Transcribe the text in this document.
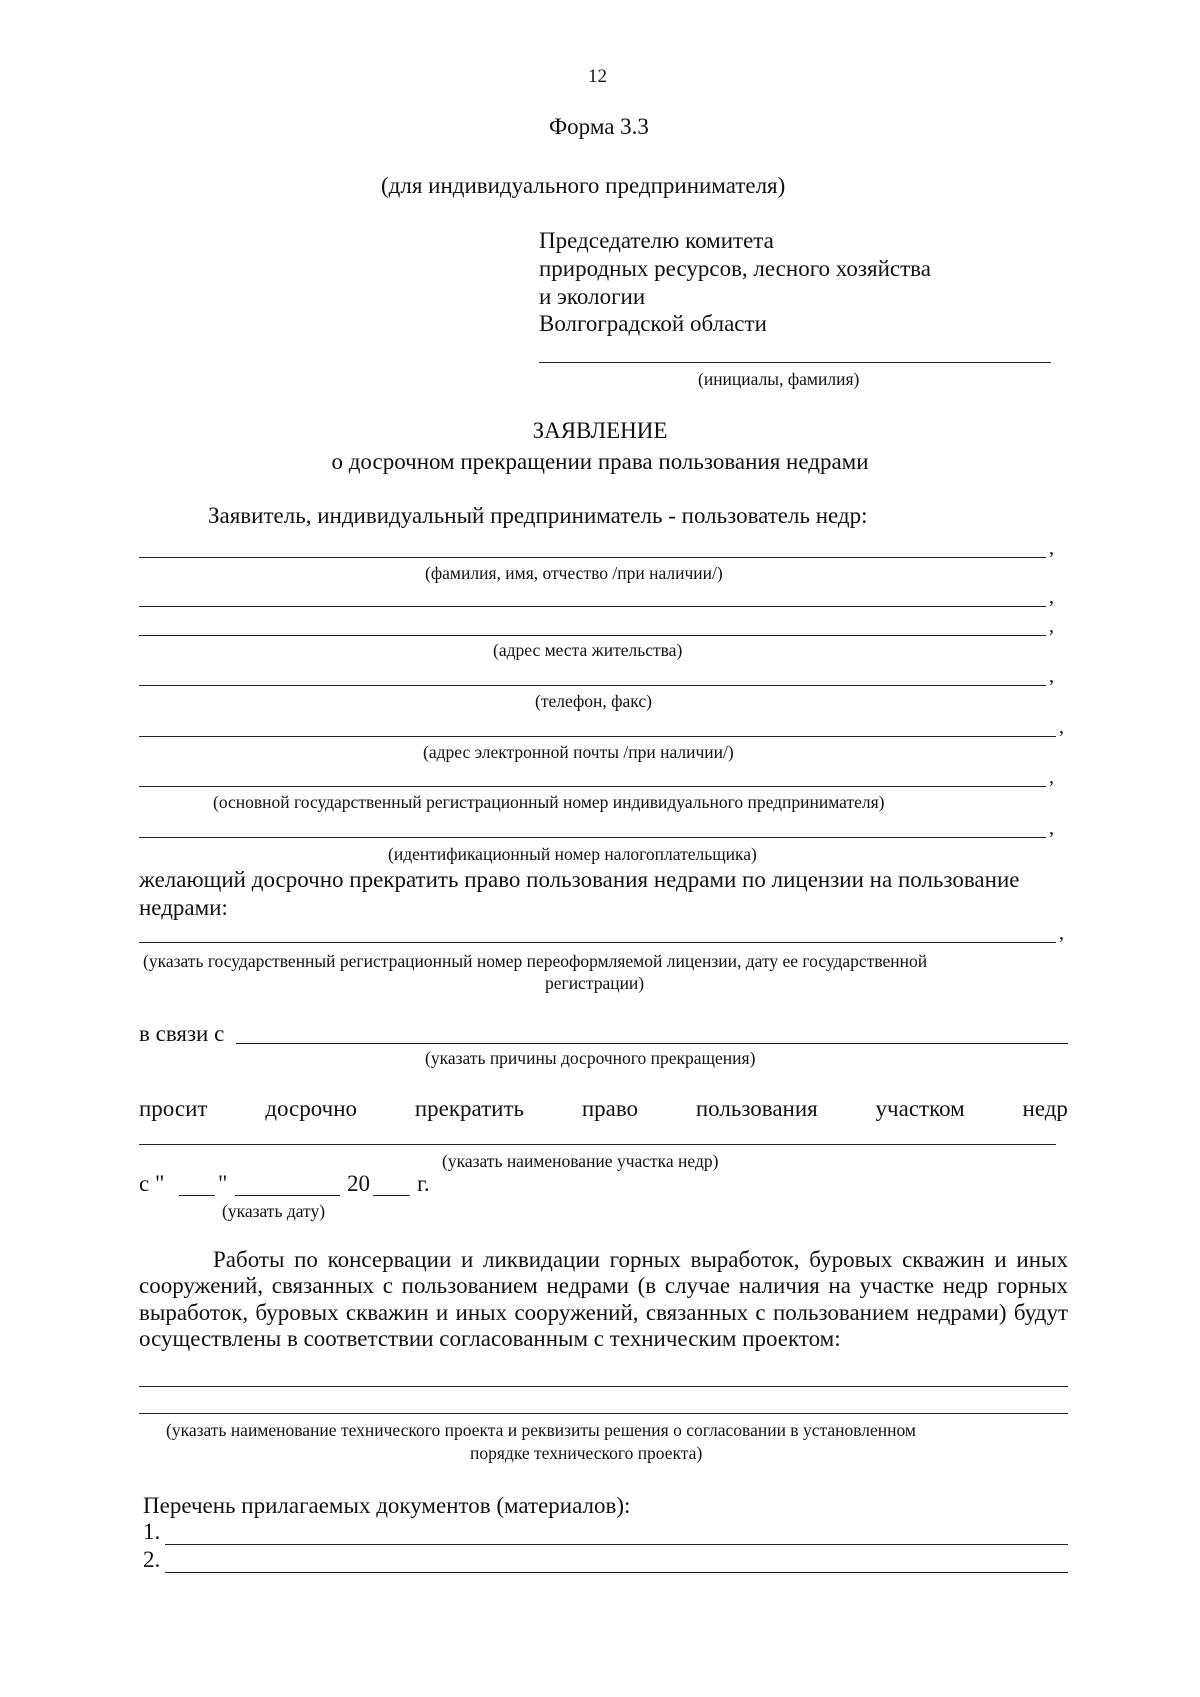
12
Форма 3.3
(для индивидуального предпринимателя)
Председателю комитета
природных ресурсов, лесного хозяйства
и экологии
Волгоградской области
(инициалы, фамилия)
ЗАЯВЛЕНИЕ
о досрочном прекращении права пользования недрами
Заявитель, индивидуальный предприниматель - пользователь недр:
,
(фамилия, имя, отчество /при наличии/)
,
,
(адрес места жительства)
,
(телефон, факс)
,
(адрес электронной почты /при наличии/)
,
(основной государственный регистрационный номер индивидуального предпринимателя)
,
(идентификационный номер налогоплательщика)
желающий досрочно прекратить право пользования недрами по лицензии на пользование недрами:
,
(указать государственный регистрационный номер переоформляемой лицензии, дату ее государственной
регистрации)
в связи с
(указать причины досрочного прекращения)
просит	досрочно	прекратить	право	пользования	участком	недр
(указать наименование участка недр)
с " "	20 г.
(указать дату)
Работы по консервации и ликвидации горных выработок, буровых скважин и иных сооружений, связанных с пользованием недрами (в случае наличия на участке недр горных выработок, буровых скважин и иных сооружений, связанных с пользованием недрами) будут осуществлены в соответствии согласованным с техническим проектом:
(указать наименование технического проекта и реквизиты решения о согласовании в установленном
порядке технического проекта)
Перечень прилагаемых документов (материалов):
1.
2.
